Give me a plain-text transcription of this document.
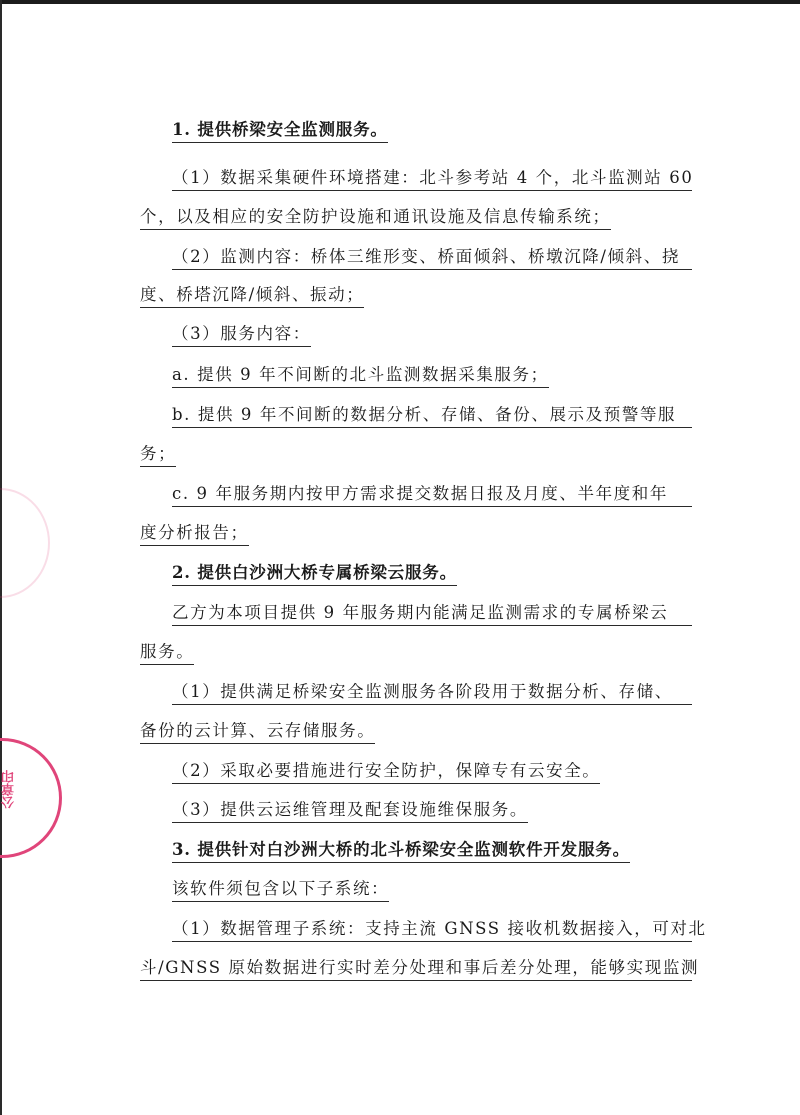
公章印
1. 提供桥梁安全监测服务。
（1）数据采集硬件环境搭建：北斗参考站 4 个，北斗监测站 60
个，以及相应的安全防护设施和通讯设施及信息传输系统；
（2）监测内容：桥体三维形变、桥面倾斜、桥墩沉降/倾斜、挠
度、桥塔沉降/倾斜、振动；
（3）服务内容：
a. 提供 9 年不间断的北斗监测数据采集服务；
b. 提供 9 年不间断的数据分析、存储、备份、展示及预警等服
务；
c. 9 年服务期内按甲方需求提交数据日报及月度、半年度和年
度分析报告；
2. 提供白沙洲大桥专属桥梁云服务。
乙方为本项目提供 9 年服务期内能满足监测需求的专属桥梁云
服务。
（1）提供满足桥梁安全监测服务各阶段用于数据分析、存储、
备份的云计算、云存储服务。
（2）采取必要措施进行安全防护，保障专有云安全。
（3）提供云运维管理及配套设施维保服务。
3. 提供针对白沙洲大桥的北斗桥梁安全监测软件开发服务。
该软件须包含以下子系统：
（1）数据管理子系统：支持主流 GNSS 接收机数据接入，可对北
斗/GNSS 原始数据进行实时差分处理和事后差分处理，能够实现监测
